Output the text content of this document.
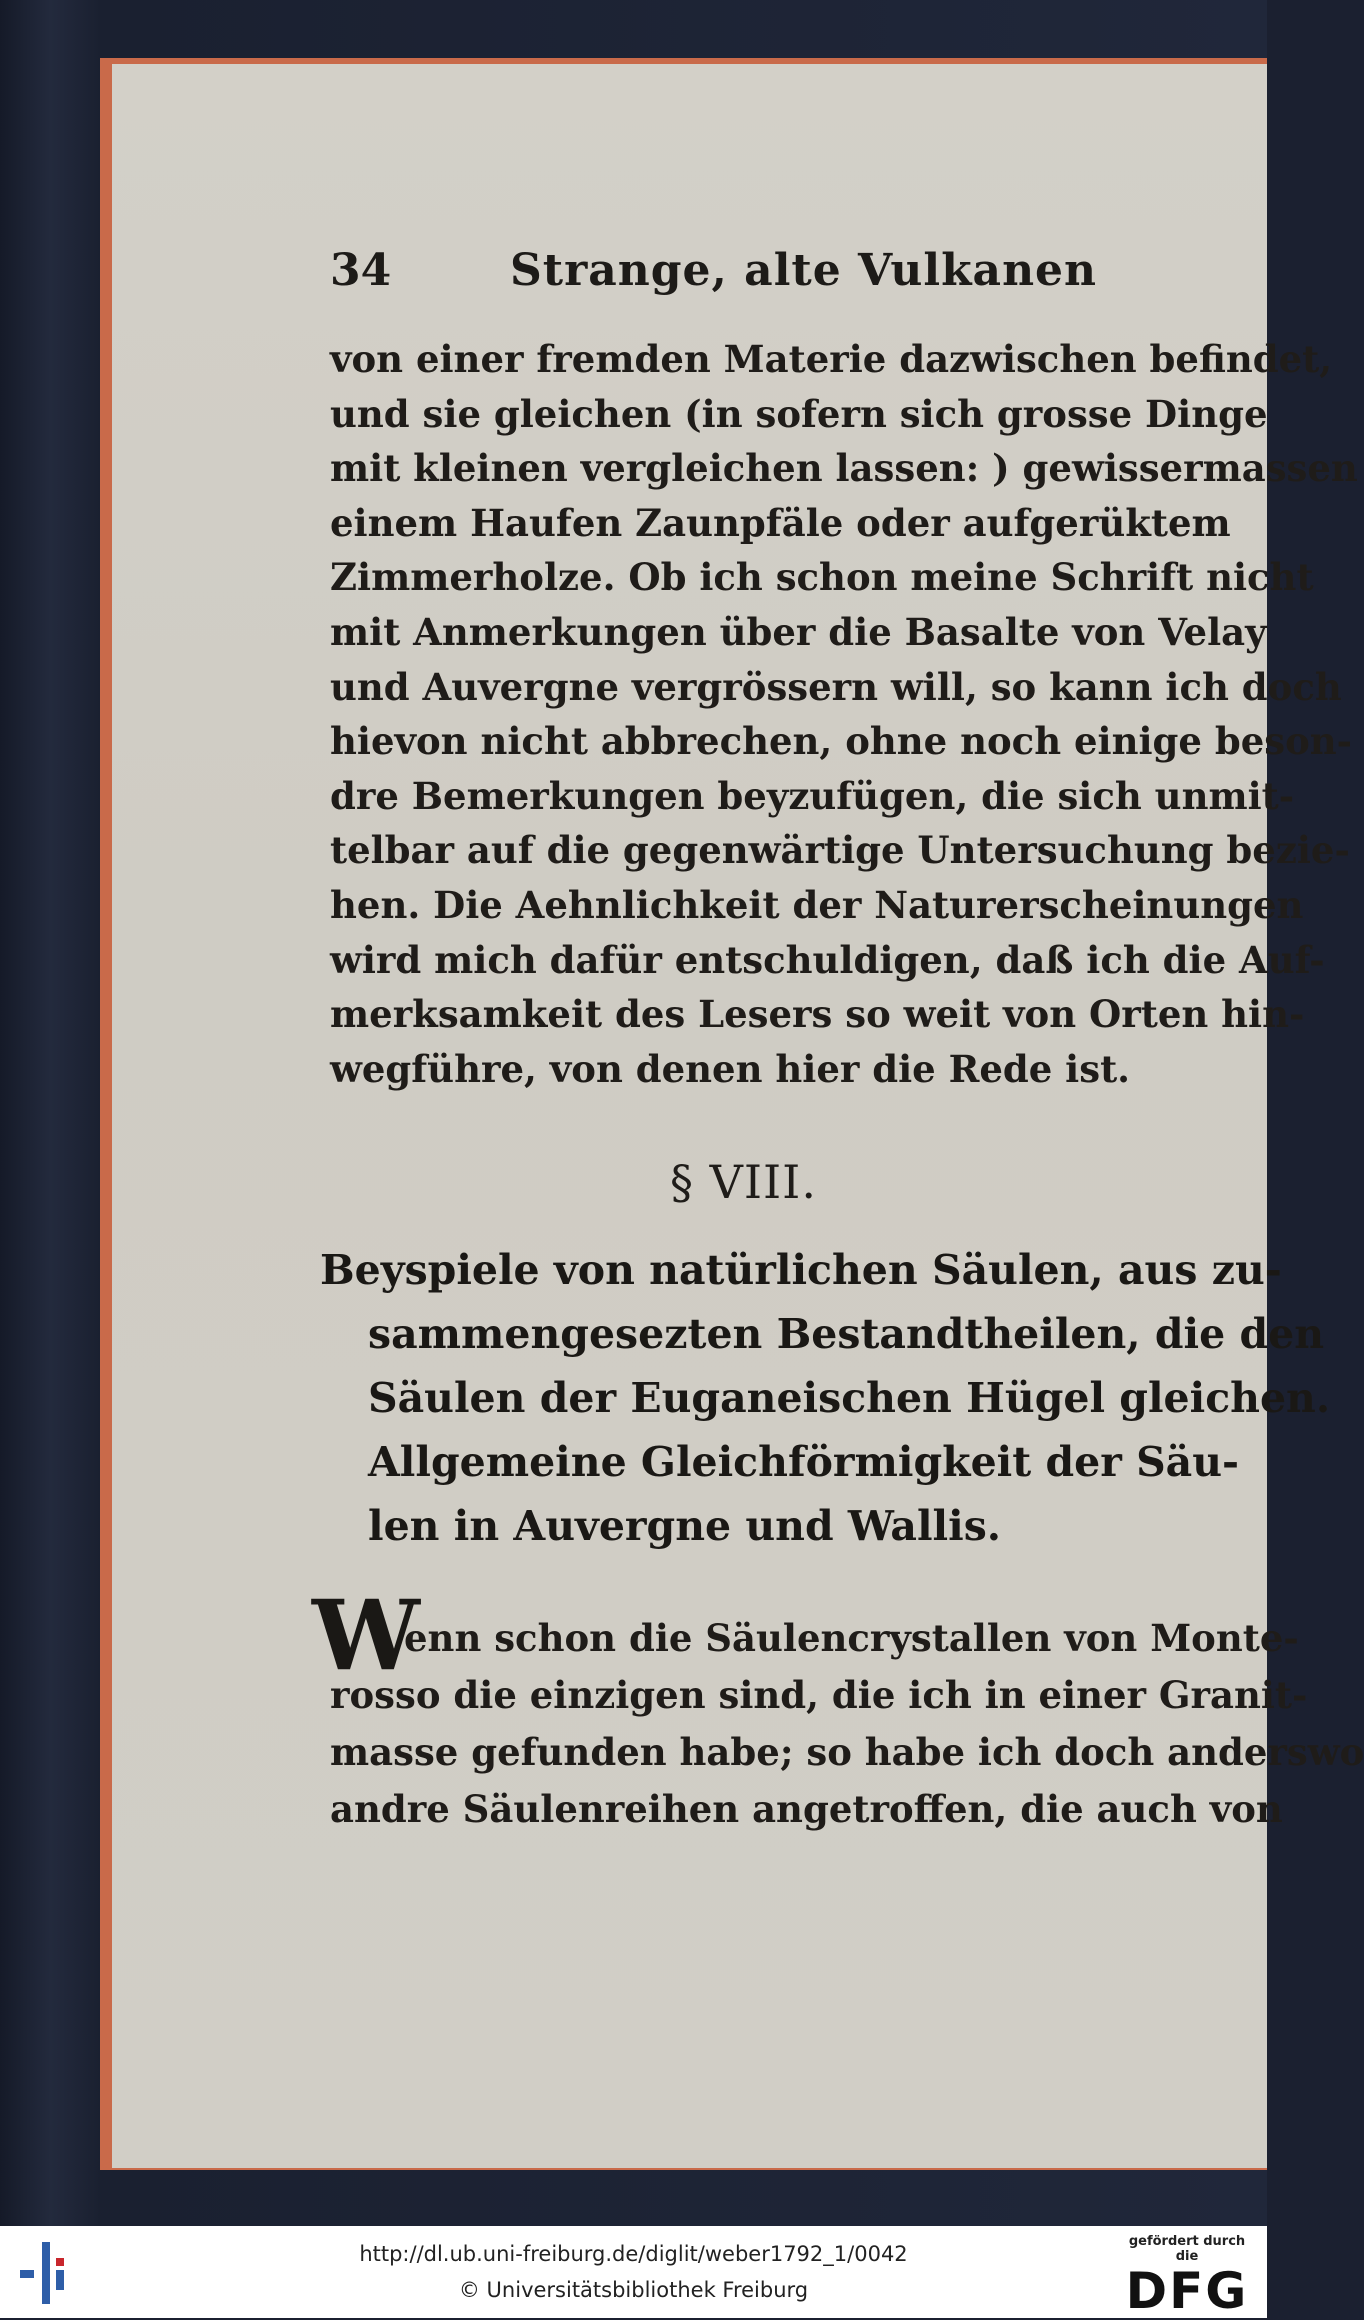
34	Strange, alte Vulkanen
von einer fremden Materie dazwischen befindet,
und sie gleichen (in sofern sich grosse Dinge
mit kleinen vergleichen lassen: ) gewissermassen
einem Haufen Zaunpfäle oder aufgerüktem
Zimmerholze. Ob ich schon meine Schrift nicht
mit Anmerkungen über die Basalte von Velay
und Auvergne vergrössern will, so kann ich doch
hievon nicht abbrechen, ohne noch einige beson-
dre Bemerkungen beyzufügen, die sich unmit-
telbar auf die gegenwärtige Untersuchung bezie-
hen. Die Aehnlichkeit der Naturerscheinungen
wird mich dafür entschuldigen, daß ich die Auf-
merksamkeit des Lesers so weit von Orten hin-
wegführe, von denen hier die Rede ist.
§ VIII.
Beyspiele von natürlichen Säulen, aus zu-
sammengesezten Bestandtheilen, die den
Säulen der Euganeischen Hügel gleichen.
Allgemeine Gleichförmigkeit der Säu-
len in Auvergne und Wallis.
W
enn schon die Säulencrystallen von Monte-
rosso die einzigen sind, die ich in einer Granit-
masse gefunden habe; so habe ich doch anderswo
andre Säulenreihen angetroffen, die auch von
http://dl.ub.uni-freiburg.de/diglit/weber1792_1/0042
© Universitätsbibliothek Freiburg
gefördert durch die
DFG
